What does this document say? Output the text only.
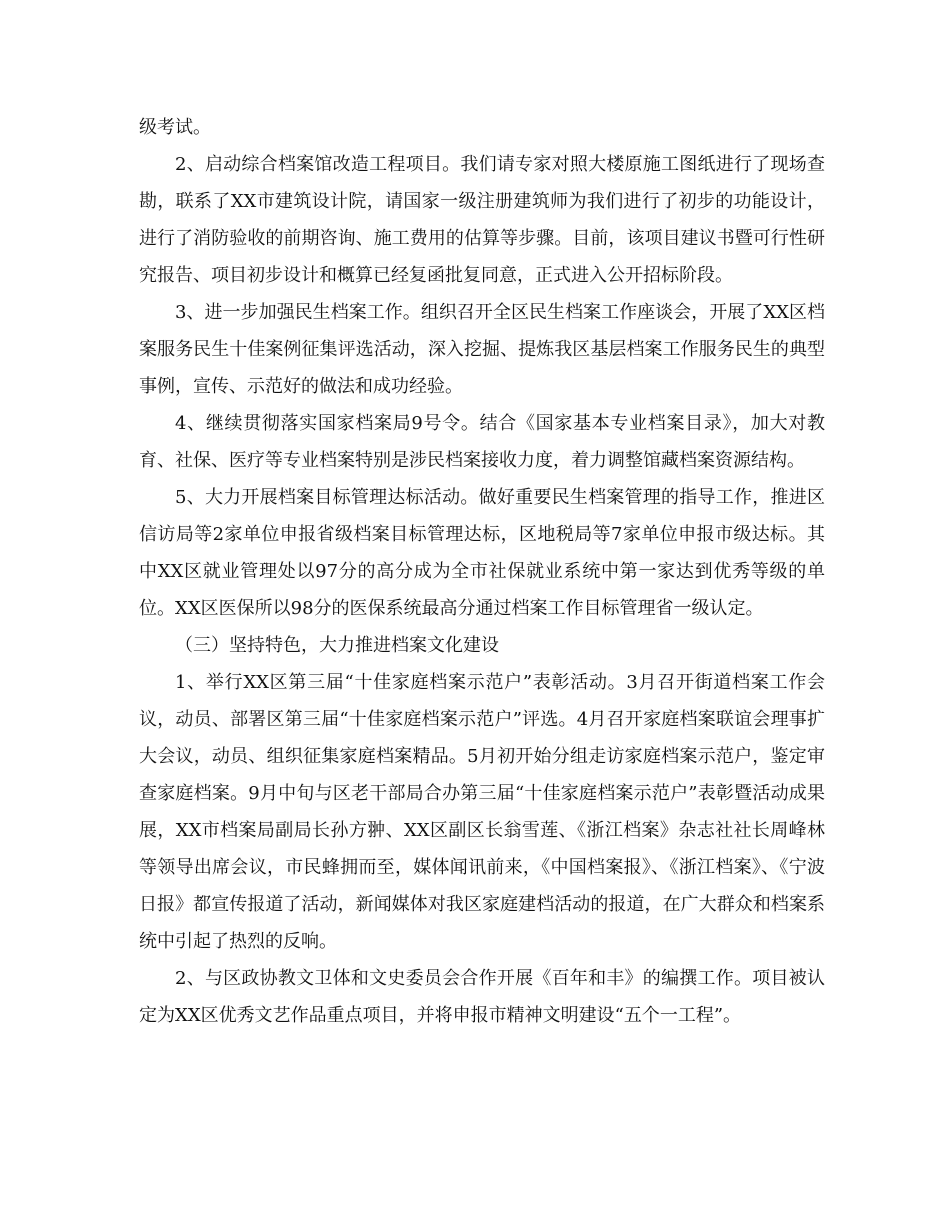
级考试。

2、启动综合档案馆改造工程项目。我们请专家对照大楼原施工图纸进行了现场查勘，联系了XX市建筑设计院，请国家一级注册建筑师为我们进行了初步的功能设计，进行了消防验收的前期咨询、施工费用的估算等步骤。目前，该项目建议书暨可行性研究报告、项目初步设计和概算已经复函批复同意，正式进入公开招标阶段。

3、进一步加强民生档案工作。组织召开全区民生档案工作座谈会，开展了XX区档案服务民生十佳案例征集评选活动，深入挖掘、提炼我区基层档案工作服务民生的典型事例，宣传、示范好的做法和成功经验。

4、继续贯彻落实国家档案局9号令。结合《国家基本专业档案目录》，加大对教育、社保、医疗等专业档案特别是涉民档案接收力度，着力调整馆藏档案资源结构。

5、大力开展档案目标管理达标活动。做好重要民生档案管理的指导工作，推进区信访局等2家单位申报省级档案目标管理达标，区地税局等7家单位申报市级达标。其中XX区就业管理处以97分的高分成为全市社保就业系统中第一家达到优秀等级的单位。XX区医保所以98分的医保系统最高分通过档案工作目标管理省一级认定。

（三）坚持特色，大力推进档案文化建设

1、举行XX区第三届“十佳家庭档案示范户”表彰活动。3月召开街道档案工作会议，动员、部署区第三届“十佳家庭档案示范户”评选。4月召开家庭档案联谊会理事扩大会议，动员、组织征集家庭档案精品。5月初开始分组走访家庭档案示范户，鉴定审查家庭档案。9月中旬与区老干部局合办第三届“十佳家庭档案示范户”表彰暨活动成果展，XX市档案局副局长孙方翀、XX区副区长翁雪莲、《浙江档案》杂志社社长周峰林等领导出席会议，市民蜂拥而至，媒体闻讯前来，《中国档案报》、《浙江档案》、《宁波日报》都宣传报道了活动，新闻媒体对我区家庭建档活动的报道，在广大群众和档案系统中引起了热烈的反响。

2、与区政协教文卫体和文史委员会合作开展《百年和丰》的编撰工作。项目被认定为XX区优秀文艺作品重点项目，并将申报市精神文明建设“五个一工程”。
